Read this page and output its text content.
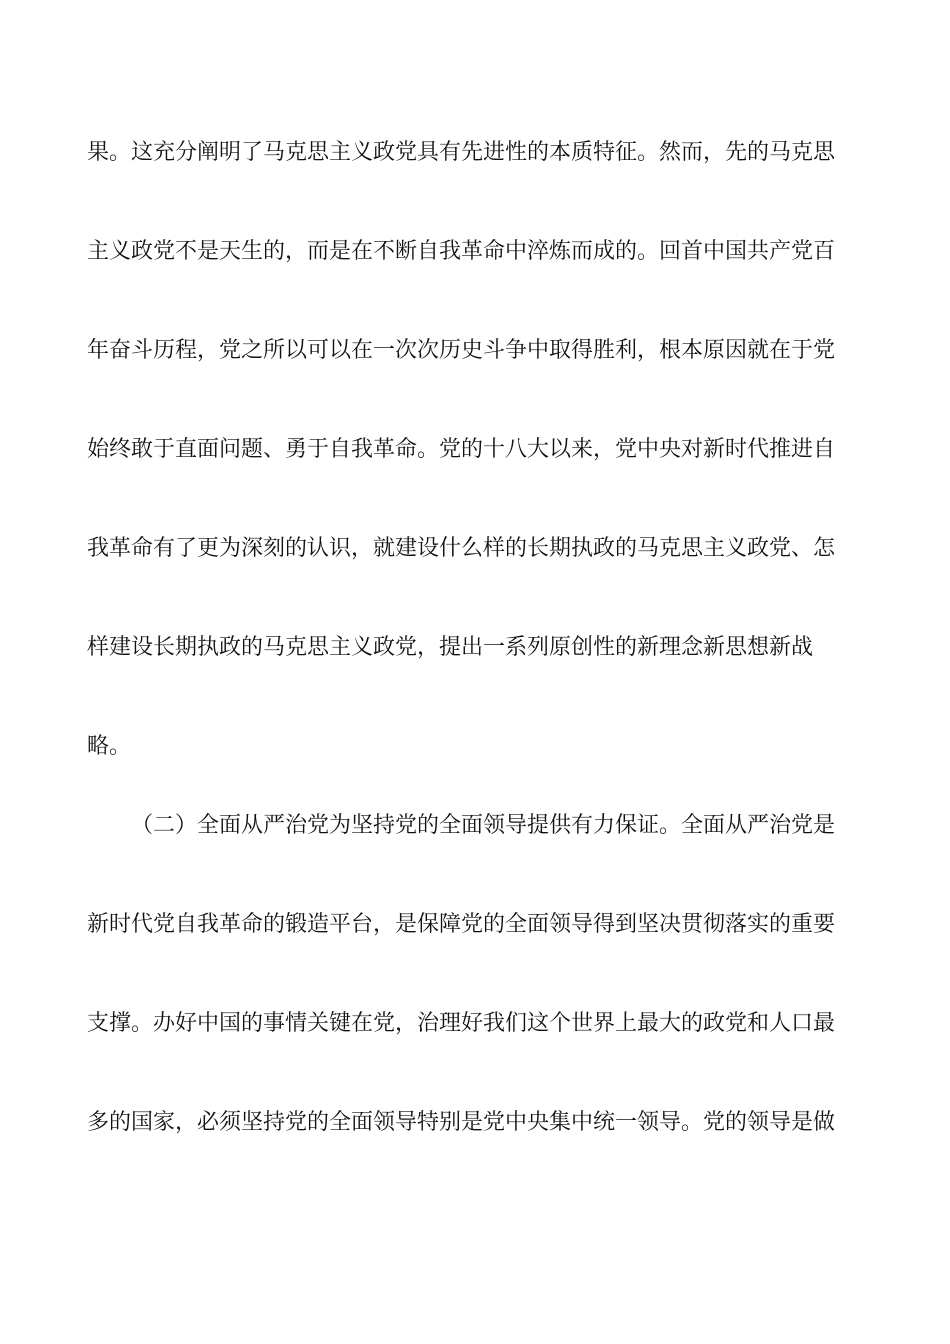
果。这充分阐明了马克思主义政党具有先进性的本质特征。然而，先的马克思

主义政党不是天生的，而是在不断自我革命中淬炼而成的。回首中国共产党百

年奋斗历程，党之所以可以在一次次历史斗争中取得胜利，根本原因就在于党

始终敢于直面问题、勇于自我革命。党的十八大以来，党中央对新时代推进自

我革命有了更为深刻的认识，就建设什么样的长期执政的马克思主义政党、怎

样建设长期执政的马克思主义政党，提出一系列原创性的新理念新思想新战

略。

（二）全面从严治党为坚持党的全面领导提供有力保证。全面从严治党是

新时代党自我革命的锻造平台，是保障党的全面领导得到坚决贯彻落实的重要

支撑。办好中国的事情关键在党，治理好我们这个世界上最大的政党和人口最

多的国家，必须坚持党的全面领导特别是党中央集中统一领导。党的领导是做
